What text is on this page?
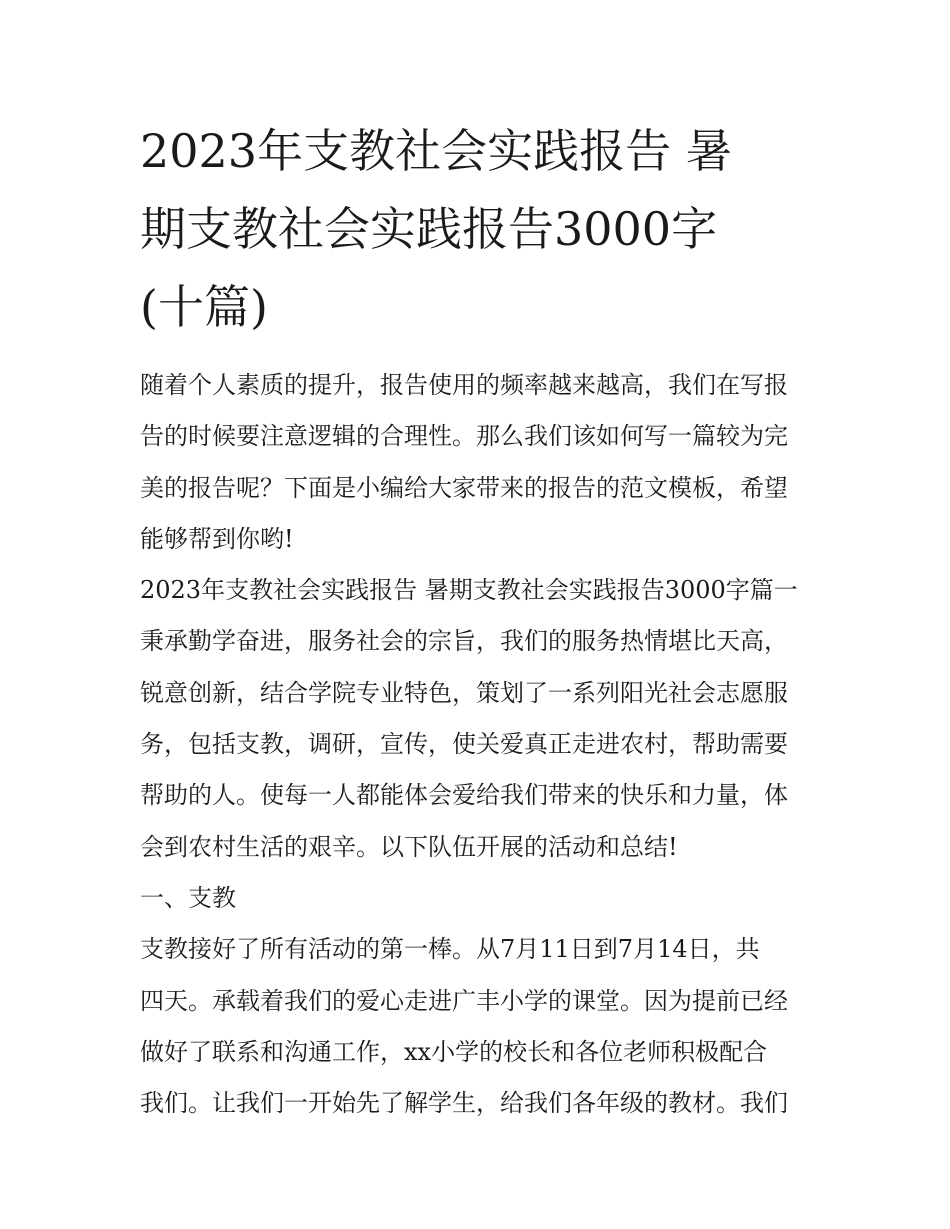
2023年支教社会实践报告 暑
期支教社会实践报告3000字
(十篇)

随着个人素质的提升，报告使用的频率越来越高，我们在写报

告的时候要注意逻辑的合理性。那么我们该如何写一篇较为完

美的报告呢？下面是小编给大家带来的报告的范文模板，希望

能够帮到你哟!

2023年支教社会实践报告 暑期支教社会实践报告3000字篇一

秉承勤学奋进，服务社会的宗旨，我们的服务热情堪比天高，

锐意创新，结合学院专业特色，策划了一系列阳光社会志愿服

务，包括支教，调研，宣传，使关爱真正走进农村，帮助需要

帮助的人。使每一人都能体会爱给我们带来的快乐和力量，体

会到农村生活的艰辛。以下队伍开展的活动和总结!

一、支教

支教接好了所有活动的第一棒。从7月11日到7月14日，共

四天。承载着我们的爱心走进广丰小学的课堂。因为提前已经

做好了联系和沟通工作，xx小学的校长和各位老师积极配合

我们。让我们一开始先了解学生，给我们各年级的教材。我们
